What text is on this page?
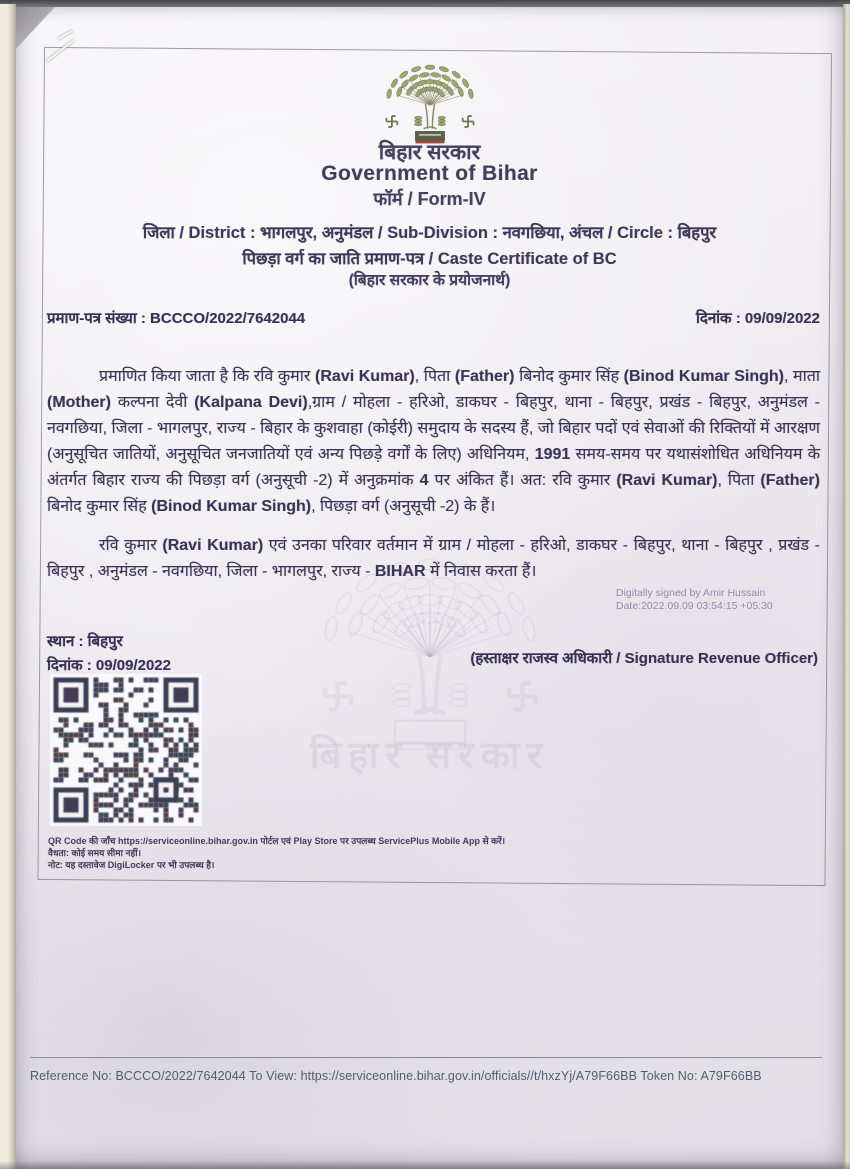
बिहार सरकार
बिहार सरकार
Government of Bihar
फॉर्म / Form-IV
जिला / District : भागलपुर, अनुमंडल / Sub-Division : नवगछिया, अंचल / Circle : बिहपुर
पिछड़ा वर्ग का जाति प्रमाण-पत्र / Caste Certificate of BC
(बिहार सरकार के प्रयोजनार्थ)
प्रमाण-पत्र संख्या : BCCCO/2022/7642044	दिनांक : 09/09/2022

प्रमाणित किया जाता है कि रवि कुमार (Ravi Kumar), पिता (Father) बिनोद कुमार सिंह (Binod Kumar Singh), माता (Mother) कल्पना देवी (Kalpana Devi),ग्राम / मोहला - हरिओ, डाकघर - बिहपुर, थाना - बिहपुर, प्रखंड - बिहपुर, अनुमंडल - नवगछिया, जिला - भागलपुर, राज्य - बिहार के कुशवाहा (कोईरी) समुदाय के सदस्य हैं, जो बिहार पदों एवं सेवाओं की रिक्तियों में आरक्षण (अनुसूचित जातियों, अनुसूचित जनजातियों एवं अन्य पिछड़े वर्गों के लिए) अधिनियम, 1991 समय-समय पर यथासंशोधित अधिनियम के अंतर्गत बिहार राज्य की पिछड़ा वर्ग (अनुसूची -2) में अनुक्रमांक 4 पर अंकित हैं। अत: रवि कुमार (Ravi Kumar), पिता (Father) बिनोद कुमार सिंह (Binod Kumar Singh), पिछड़ा वर्ग (अनुसूची -2) के हैं।

रवि कुमार (Ravi Kumar) एवं उनका परिवार वर्तमान में ग्राम / मोहला - हरिओ, डाकघर - बिहपुर, थाना - बिहपुर , प्रखंड - बिहपुर , अनुमंडल - नवगछिया, जिला - भागलपुर, राज्य - BIHAR में निवास करता हैं।

Digitally signed by Amir Hussain
Date:2022.09.09 03:54:15 +05:30
स्थान : बिहपुर
दिनांक : 09/09/2022	(हस्ताक्षर राजस्व अधिकारी / Signature Revenue Officer)

QR Code की जाँच https://serviceonline.bihar.gov.in पोर्टल एवं Play Store पर उपलब्ध ServicePlus Mobile App से करें।

वैधता: कोई समय सीमा नहीं।

नोट: यह दस्तावेज DigiLocker पर भी उपलब्ध है।

Reference No: BCCCO/2022/7642044 To View: https://serviceonline.bihar.gov.in/officials//t/hxzYj/A79F66BB Token No: A79F66BB
